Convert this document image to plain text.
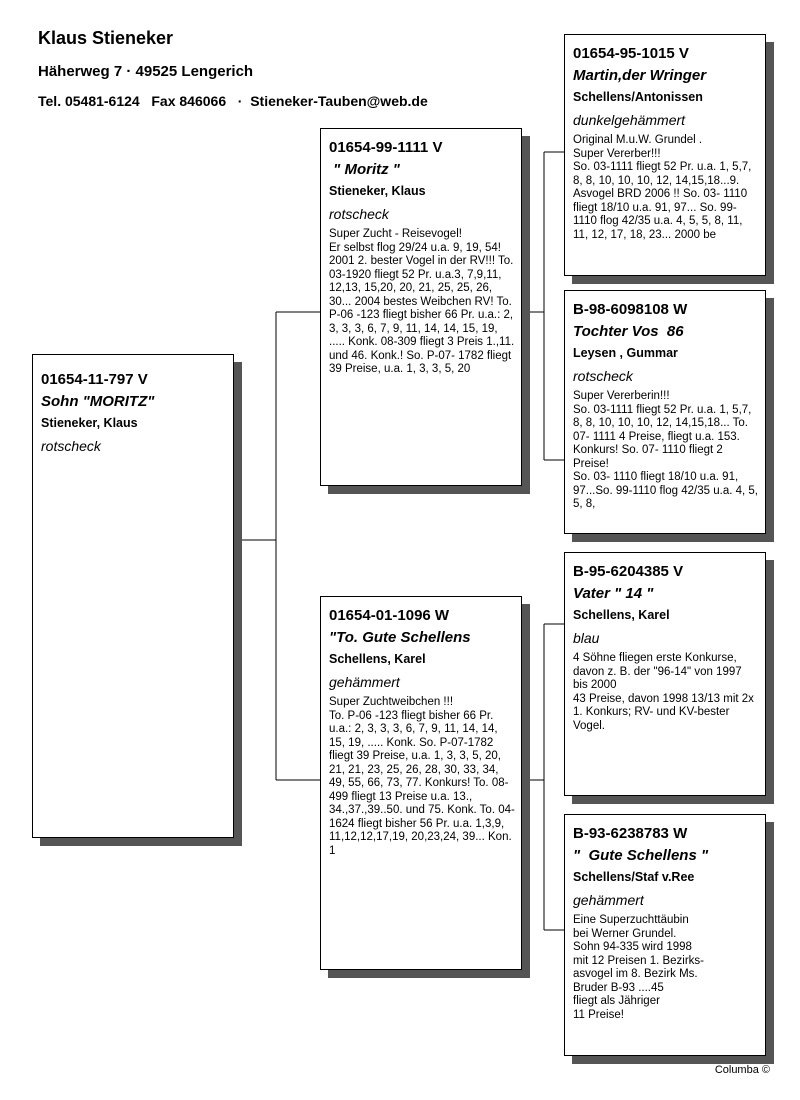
Klaus Stieneker

Häherweg 7 · 49525 Lengerich

Tel. 05481-6124   Fax 846066   ·  Stieneker-Tauben@web.de

01654-11-797 V

Sohn "MORITZ"

Stieneker, Klaus

rotscheck

01654-99-1111 V

" Moritz "

Stieneker, Klaus

rotscheck

Super Zucht - Reisevogel!
Er selbst flog 29/24 u.a. 9, 19, 54! 2001 2. bester Vogel in der RV!!! To. 03-1920 fliegt 52 Pr. u.a.3, 7,9,11, 12,13, 15,20, 20, 21, 25, 25, 26, 30... 2004 bestes Weibchen RV! To. P-06 -123 fliegt bisher 66 Pr. u.a.: 2, 3, 3, 3, 6, 7, 9, 11, 14, 14, 15, 19, ..... Konk. 08-309 fliegt 3 Preis 1.,11. und 46. Konk.! So. P-07- 1782 fliegt 39 Preise, u.a. 1, 3, 3, 5, 20

01654-01-1096 W

"To. Gute Schellens

Schellens, Karel

gehämmert

Super Zuchtweibchen !!!
To. P-06 -123 fliegt bisher 66 Pr. u.a.: 2, 3, 3, 3, 6, 7, 9, 11, 14, 14, 15, 19, ..... Konk. So. P-07-1782 fliegt 39 Preise, u.a. 1, 3, 3, 5, 20, 21, 21, 23, 25, 26, 28, 30, 33, 34, 49, 55, 66, 73, 77. Konkurs! To. 08-499 fliegt 13 Preise u.a. 13., 34.,37.,39..50. und 75. Konk. To. 04-1624 fliegt bisher 56 Pr. u.a. 1,3,9, 11,12,12,17,19, 20,23,24, 39... Kon. 1

01654-95-1015 V

Martin,der Wringer

Schellens/Antonissen

dunkelgehämmert

Original M.u.W. Grundel .
Super Vererber!!!
So. 03-1111 fliegt 52 Pr. u.a. 1, 5,7, 8, 8, 10, 10, 10, 12, 14,15,18...9. Asvogel BRD 2006 !! So. 03- 1110 fliegt 18/10 u.a. 91, 97... So. 99-1110 flog 42/35 u.a. 4, 5, 5, 8, 11, 11, 12, 17, 18, 23... 2000 be

B-98-6098108 W

Tochter Vos  86

Leysen , Gummar

rotscheck

Super Vererberin!!!
So. 03-1111 fliegt 52 Pr. u.a. 1, 5,7, 8, 8, 10, 10, 10, 12, 14,15,18... To. 07- 1111 4 Preise, fliegt u.a. 153. Konkurs! So. 07- 1110 fliegt 2 Preise!
So. 03- 1110 fliegt 18/10 u.a. 91, 97...So. 99-1110 flog 42/35 u.a. 4, 5, 5, 8,

B-95-6204385 V

Vater " 14 "

Schellens, Karel

blau

4 Söhne fliegen erste Konkurse, davon z. B. der "96-14" von 1997 bis 2000
43 Preise, davon 1998 13/13 mit 2x 1. Konkurs; RV- und KV-bester Vogel.

B-93-6238783 W

"  Gute Schellens "

Schellens/Staf v.Ree

gehämmert

Eine Superzuchttäubin
bei Werner Grundel.
Sohn 94-335 wird 1998
mit 12 Preisen 1. Bezirks-
asvogel im 8. Bezirk Ms.
Bruder B-93 ....45
fliegt als Jähriger
11 Preise!

Columba ©
